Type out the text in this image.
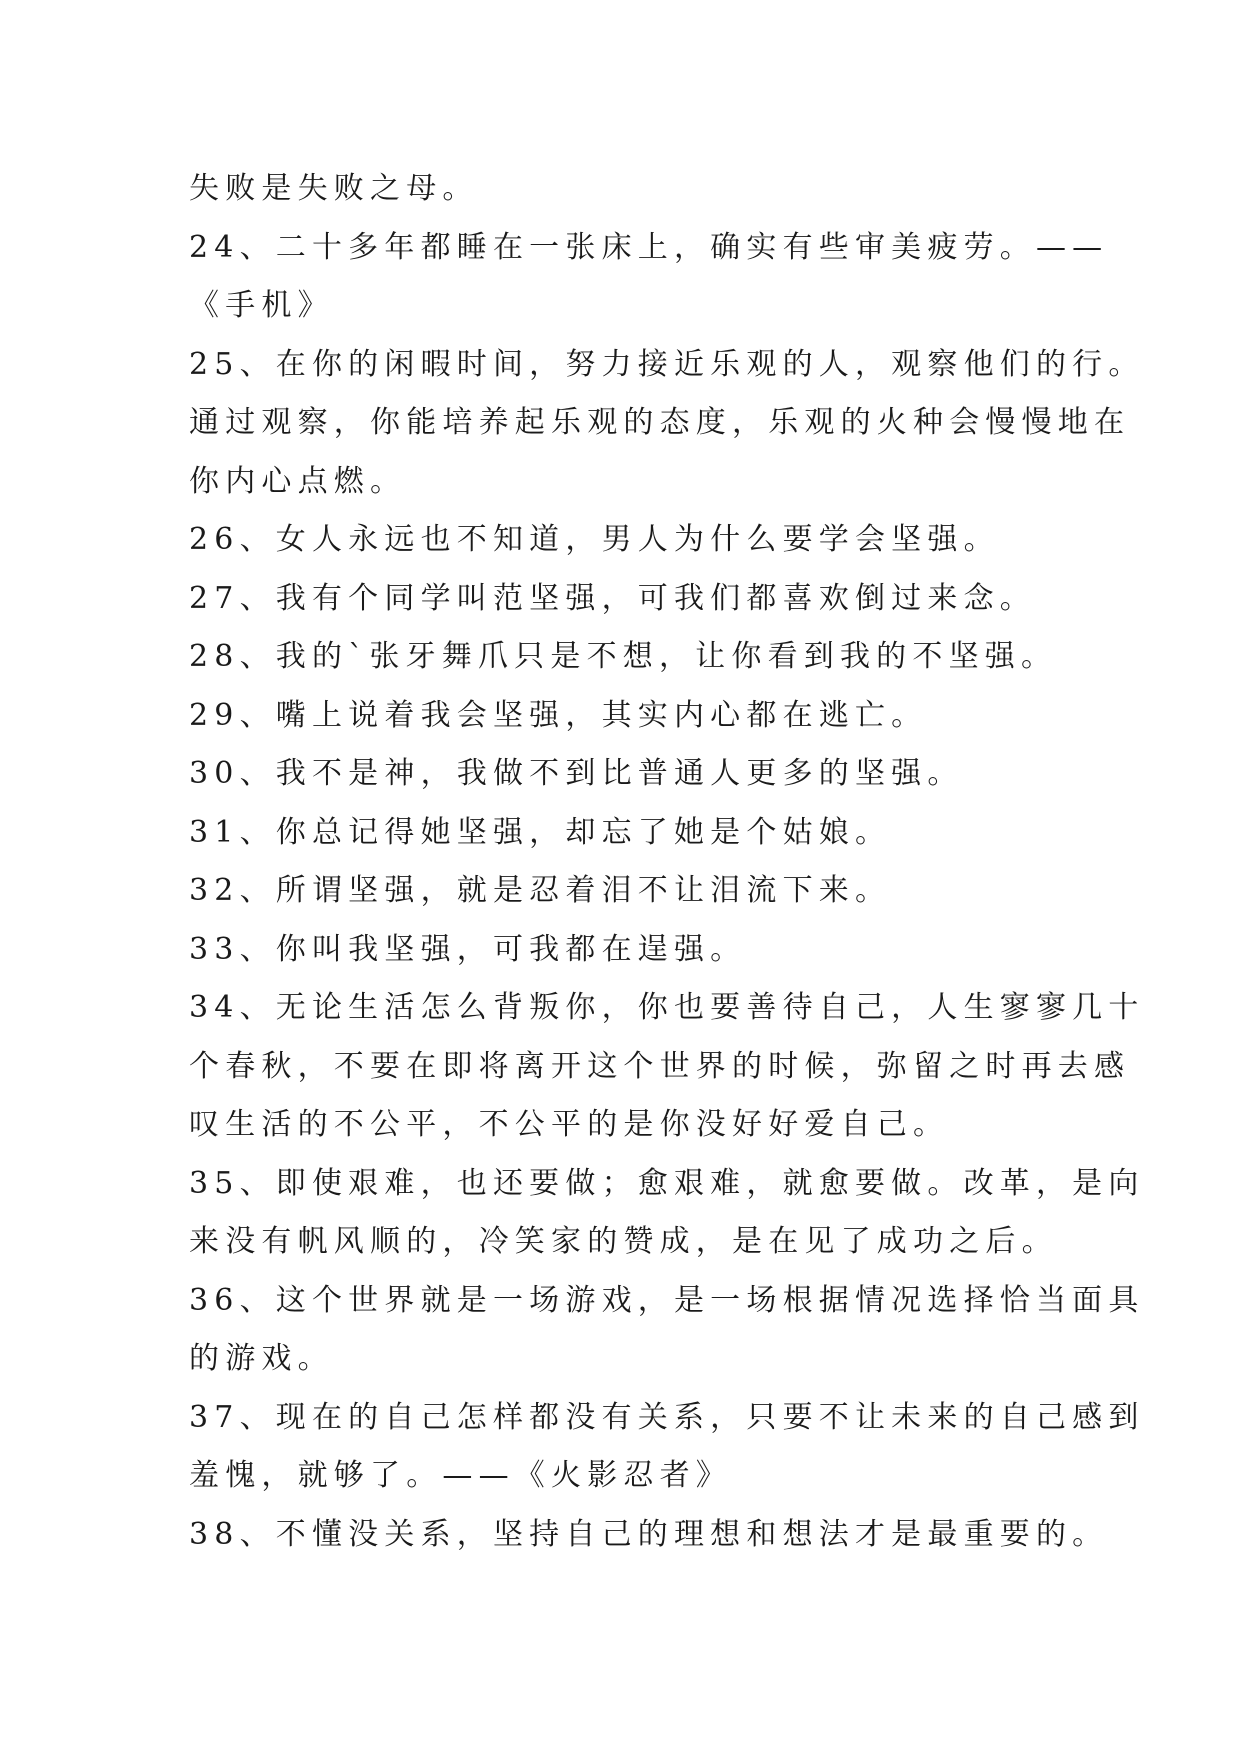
失败是失败之母。
24、二十多年都睡在一张床上，确实有些审美疲劳。——
《手机》
25、在你的闲暇时间，努力接近乐观的人，观察他们的行。
通过观察，你能培养起乐观的态度，乐观的火种会慢慢地在
你内心点燃。
26、女人永远也不知道，男人为什么要学会坚强。
27、我有个同学叫范坚强，可我们都喜欢倒过来念。
28、我的`张牙舞爪只是不想，让你看到我的不坚强。
29、嘴上说着我会坚强，其实内心都在逃亡。
30、我不是神，我做不到比普通人更多的坚强。
31、你总记得她坚强，却忘了她是个姑娘。
32、所谓坚强，就是忍着泪不让泪流下来。
33、你叫我坚强，可我都在逞强。
34、无论生活怎么背叛你，你也要善待自己，人生寥寥几十
个春秋，不要在即将离开这个世界的时候，弥留之时再去感
叹生活的不公平，不公平的是你没好好爱自己。
35、即使艰难，也还要做；愈艰难，就愈要做。改革，是向
来没有帆风顺的，冷笑家的赞成，是在见了成功之后。
36、这个世界就是一场游戏，是一场根据情况选择恰当面具
的游戏。
37、现在的自己怎样都没有关系，只要不让未来的自己感到
羞愧，就够了。——《火影忍者》
38、不懂没关系，坚持自己的理想和想法才是最重要的。
